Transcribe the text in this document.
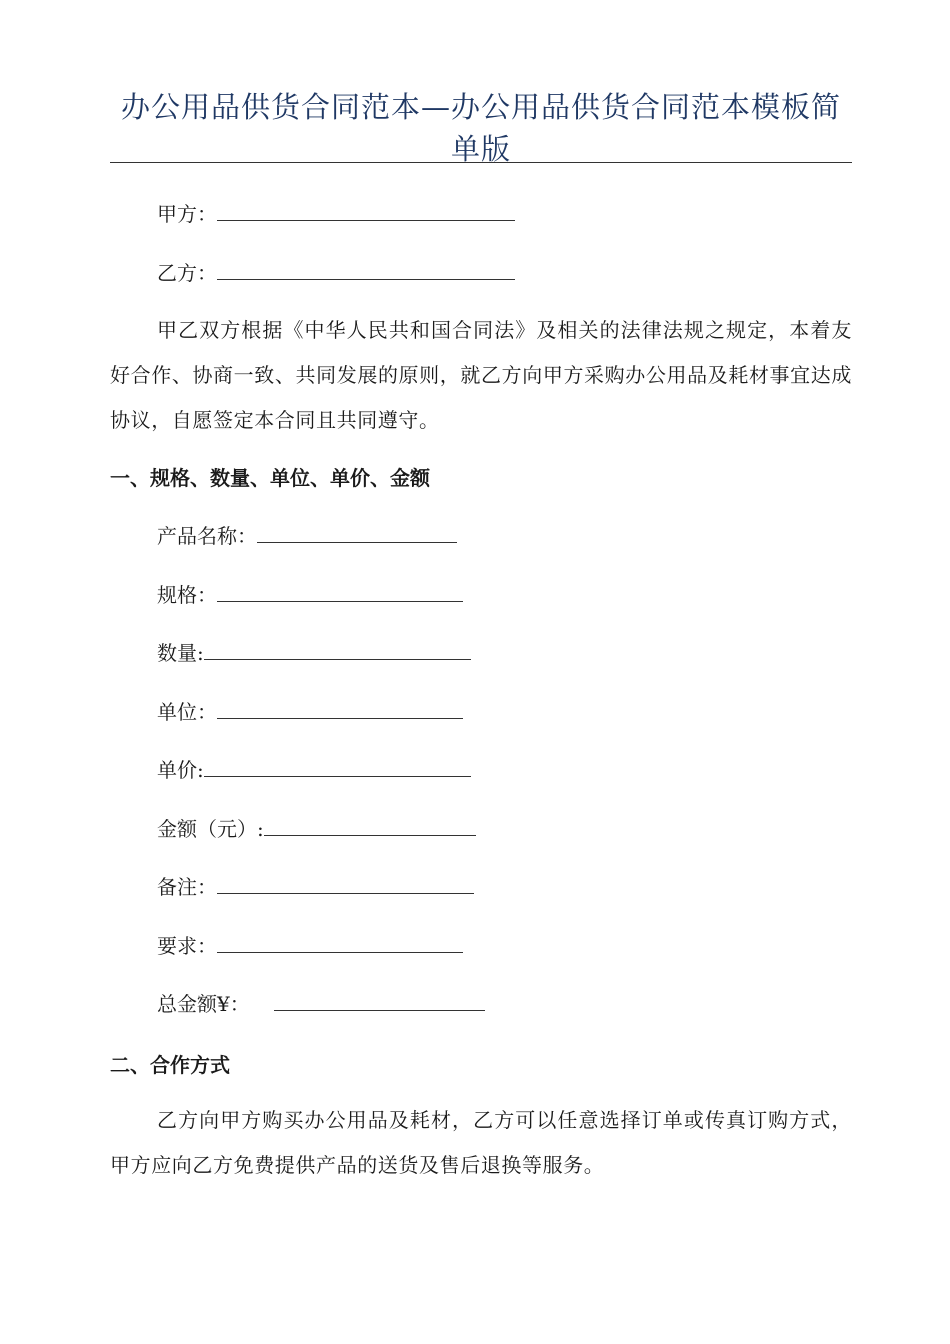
办公用品供货合同范本—办公用品供货合同范本模板简单版
甲方：
乙方：
甲乙双方根据《中华人民共和国合同法》及相关的法律法规之规定，本着友好合作、协商一致、共同发展的原则，就乙方向甲方采购办公用品及耗材事宜达成协议，自愿签定本合同且共同遵守。
一、规格、数量、单位、单价、金额
产品名称：
规格：
数量:
单位：
单价:
金额（元）:
备注：
要求：
总金额¥：
二、合作方式
乙方向甲方购买办公用品及耗材，乙方可以任意选择订单或传真订购方式，甲方应向乙方免费提供产品的送货及售后退换等服务。
